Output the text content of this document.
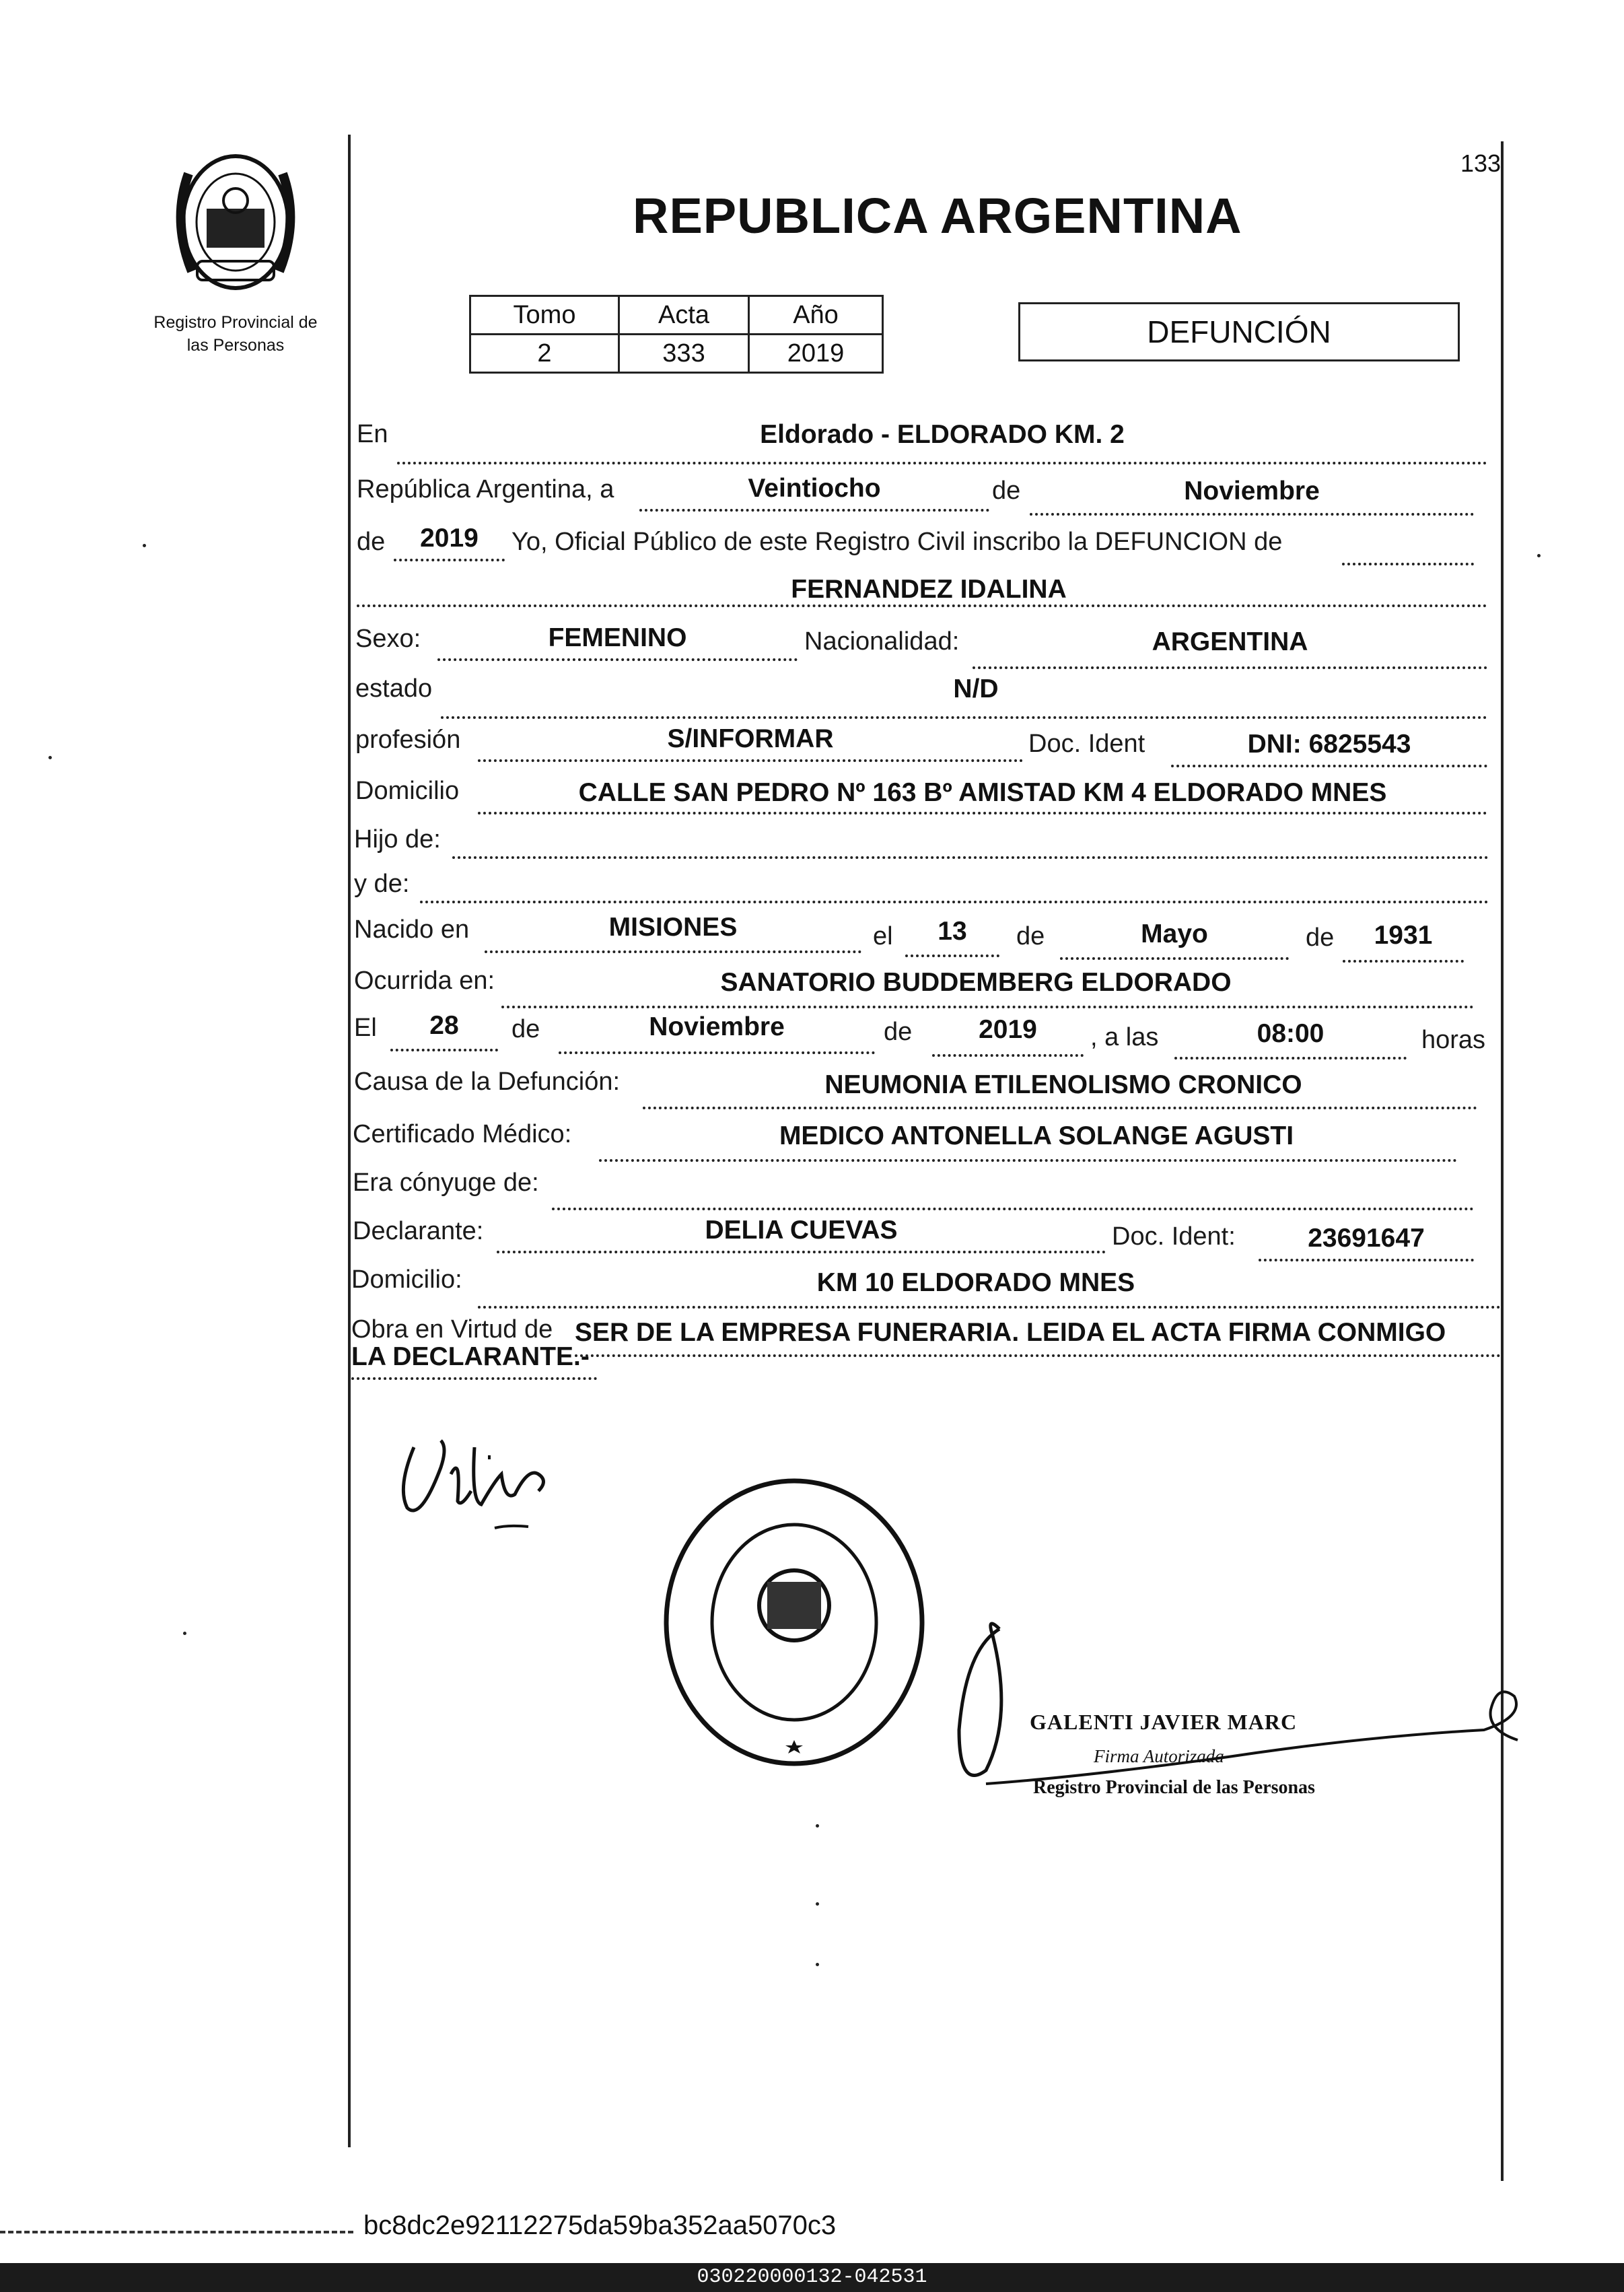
Registro Provincial de
las Personas
133
REPUBLICA ARGENTINA
Tomo	Acta	Año
2	333	2019
DEFUNCIÓN
En	Eldorado - ELDORADO KM. 2
República Argentina, a	Veintiocho	de	Noviembre
de	2019	Yo, Oficial Público de este Registro Civil inscribo la DEFUNCION de
FERNANDEZ IDALINA
Sexo:	FEMENINO	Nacionalidad:	ARGENTINA
estado	N/D
profesión	S/INFORMAR	Doc. Ident	DNI: 6825543
Domicilio	CALLE SAN PEDRO Nº 163 Bº AMISTAD KM 4 ELDORADO MNES
Hijo de:
y de:
Nacido en	MISIONES	el	13	de	Mayo	de	1931
Ocurrida en:	SANATORIO BUDDEMBERG ELDORADO
El	28	de	Noviembre	de	2019	, a las	08:00	horas
Causa de la Defunción:	NEUMONIA ETILENOLISMO CRONICO
Certificado Médico:	MEDICO ANTONELLA SOLANGE AGUSTI
Era cónyuge de:
Declarante:	DELIA CUEVAS	Doc. Ident:	23691647
Domicilio:	KM 10 ELDORADO MNES
Obra en Virtud de SER DE LA EMPRESA FUNERARIA. LEIDA EL ACTA FIRMA CONMIGO
LA DECLARANTE.-
GALENTI JAVIER MARC
Firma Autorizada
Registro Provincial de las Personas
bc8dc2e92112275da59ba352aa5070c3
030220000132-042531
